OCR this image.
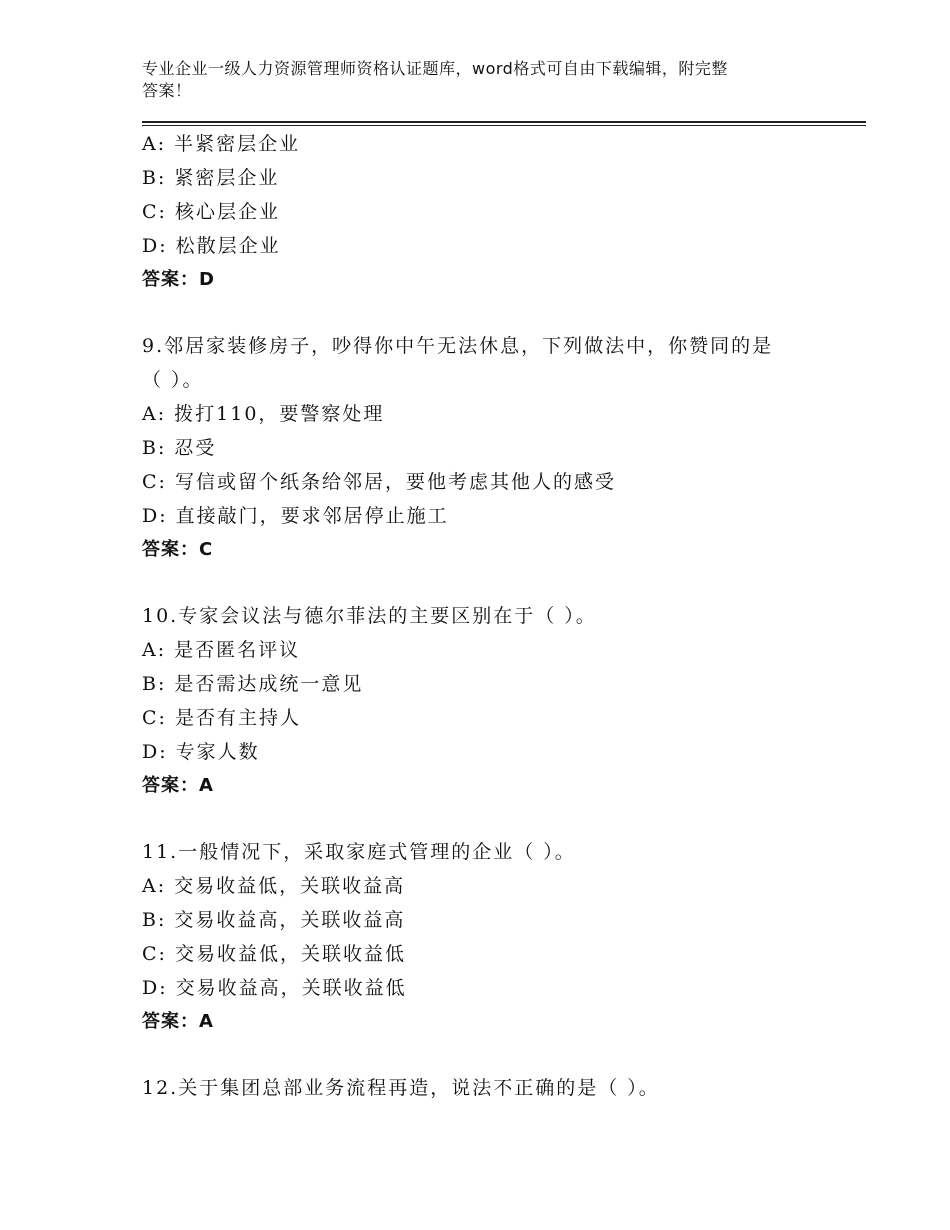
专业企业一级人力资源管理师资格认证题库，word格式可自由下载编辑，附完整
答案！
A: 半紧密层企业
B: 紧密层企业
C: 核心层企业
D: 松散层企业
答案：D
9.邻居家装修房子，吵得你中午无法休息，下列做法中，你赞同的是
（ ）。
A: 拨打110，要警察处理
B: 忍受
C: 写信或留个纸条给邻居，要他考虑其他人的感受
D: 直接敲门，要求邻居停止施工
答案：C
10.专家会议法与德尔菲法的主要区别在于（ ）。
A: 是否匿名评议
B: 是否需达成统一意见
C: 是否有主持人
D: 专家人数
答案：A
11.一般情况下，采取家庭式管理的企业（ ）。
A: 交易收益低，关联收益高
B: 交易收益高，关联收益高
C: 交易收益低，关联收益低
D: 交易收益高，关联收益低
答案：A
12.关于集团总部业务流程再造，说法不正确的是（ ）。
